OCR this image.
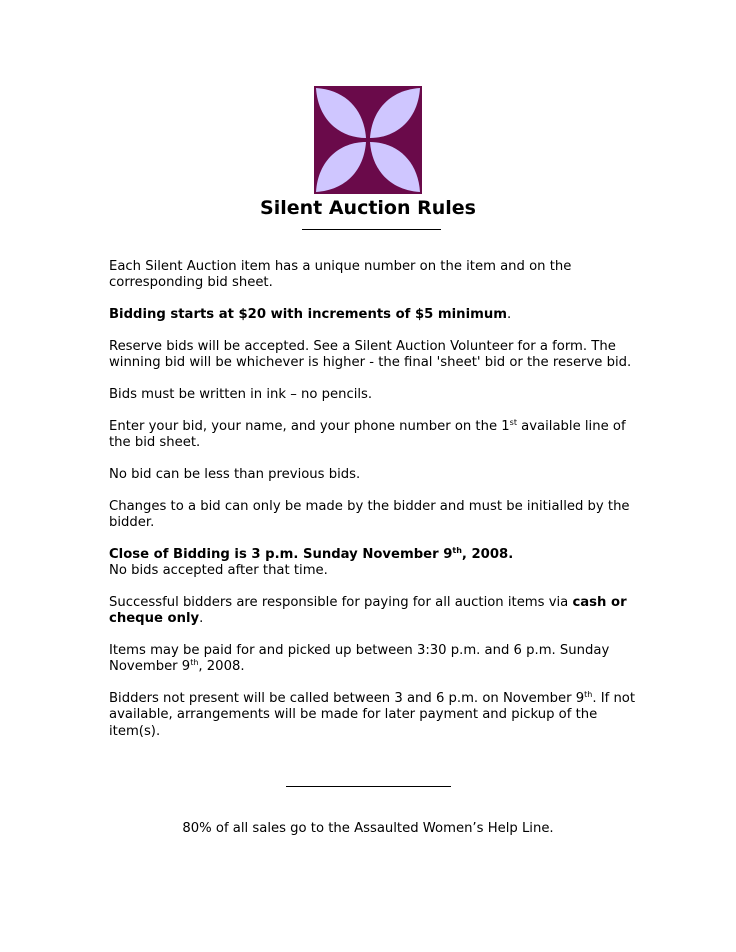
Silent Auction Rules

Each Silent Auction item has a unique number on the item and on the corresponding bid sheet.

Bidding starts at $20 with increments of $5 minimum.

Reserve bids will be accepted. See a Silent Auction Volunteer for a form. The winning bid will be whichever is higher - the final 'sheet' bid or the reserve bid.

Bids must be written in ink – no pencils.

Enter your bid, your name, and your phone number on the 1st available line of the bid sheet.

No bid can be less than previous bids.

Changes to a bid can only be made by the bidder and must be initialled by the bidder.

Close of Bidding is 3 p.m. Sunday November 9th, 2008.

No bids accepted after that time.

Successful bidders are responsible for paying for all auction items via cash or cheque only.

Items may be paid for and picked up between 3:30 p.m. and 6 p.m. Sunday November 9th, 2008.

Bidders not present will be called between 3 and 6 p.m. on November 9th. If not available, arrangements will be made for later payment and pickup of the item(s).

80% of all sales go to the Assaulted Women’s Help Line.
